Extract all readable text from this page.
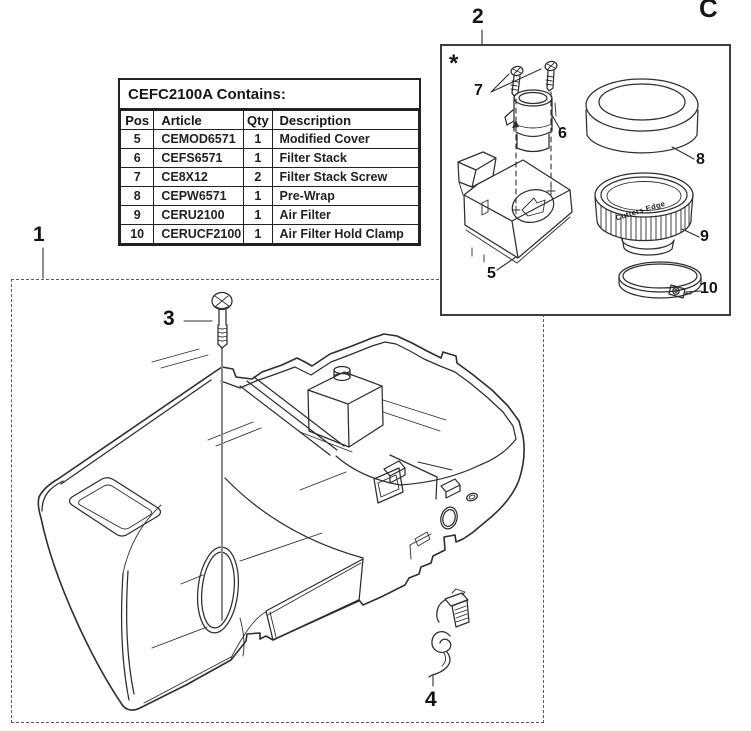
C
CEFC2100A Contains:
Pos	Article	Qty	Description
5	CEMOD6571	1	Modified Cover
6	CEFS6571	1	Filter Stack
7	CE8X12	2	Filter Stack Screw
8	CEPW6571	1	Pre-Wrap
9	CERU2100	1	Air Filter
10	CERUCF2100	1	Air Filter Hold Clamp
Cutters Edge
1
2
3
4
5
6
7
8
9
10
*
